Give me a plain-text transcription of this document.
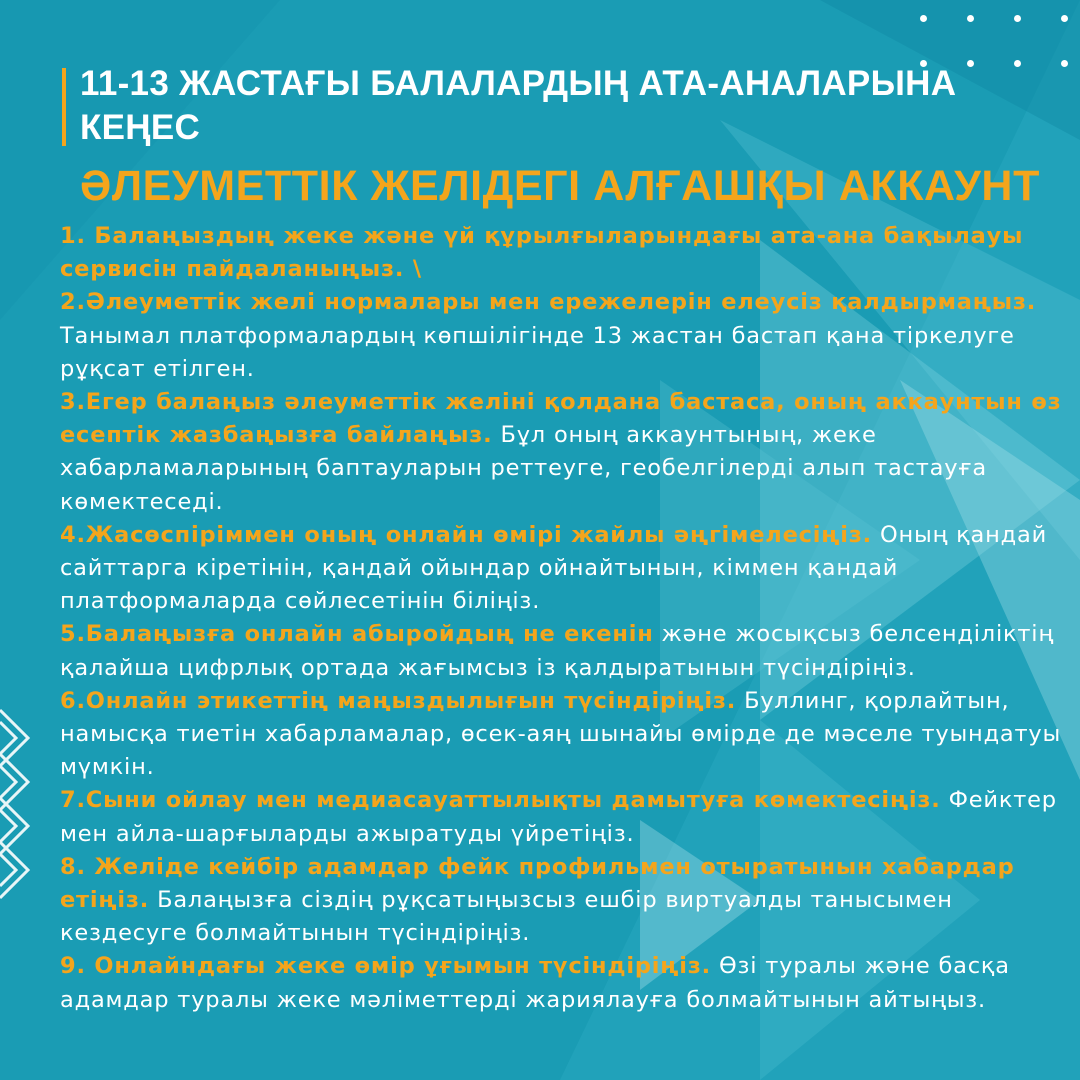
11-13 ЖАСТАҒЫ БАЛАЛАРДЫҢ АТА-АНАЛАРЫНА КЕҢЕС
ӘЛЕУМЕТТІК ЖЕЛІДЕГІ АЛҒАШҚЫ АККАУНТ

1. Балаңыздың жеке және үй құрылғыларындағы ата-ана бақылауы сервисін пайдаланыңыз. \

2.Әлеуметтік желі нормалары мен ережелерін елеусіз қалдырмаңыз. Танымал платформалардың көпшілігінде 13 жастан бастап қана тіркелуге рұқсат етілген.

3.Егер балаңыз әлеуметтік желіні қолдана бастаса, оның аккаунтын өз есептік жазбаңызға байлаңыз. Бұл оның аккаунтының, жеке хабарламаларының баптауларын реттеуге, геобелгілерді алып тастауға көмектеседі.

4.Жасөспіріммен оның онлайн өмірі жайлы әңгімелесіңіз. Оның қандай сайттарга кіретінін, қандай ойындар ойнайтынын, кіммен қандай платформаларда сөйлесетінін біліңіз.

5.Балаңызға онлайн абыройдың не екенін және жосықсыз белсенділіктің қалайша цифрлық ортада жағымсыз із қалдыратынын түсіндіріңіз.

6.Онлайн этикеттің маңыздылығын түсіндіріңіз. Буллинг, қорлайтын, намысқа тиетін хабарламалар, өсек-аяң шынайы өмірде де мәселе туындатуы мүмкін.

7.Сыни ойлау мен медиасауаттылықты дамытуға көмектесіңіз. Фейктер мен айла-шарғыларды ажыратуды үйретіңіз.

8. Желіде кейбір адамдар фейк профильмен отыратынын хабардар етіңіз. Балаңызға сіздің рұқсатыңызсыз ешбір виртуалды танысымен кездесуге болмайтынын түсіндіріңіз.

9. Онлайндағы жеке өмір ұғымын түсіндіріңіз. Өзі туралы және басқа адамдар туралы жеке мәліметтерді жариялауға болмайтынын айтыңыз.
